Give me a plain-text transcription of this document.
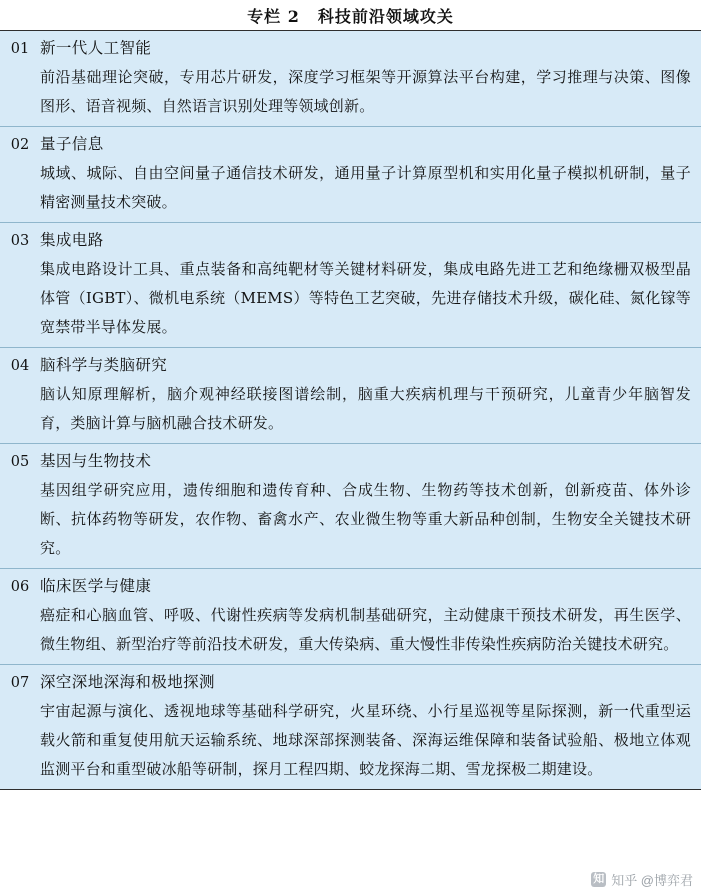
专栏 2 科技前沿领域攻关
01 新一代人工智能
前沿基础理论突破，专用芯片研发，深度学习框架等开源算法平台构建，学习推理与决策、图像图形、语音视频、自然语言识别处理等领域创新。
02 量子信息
城域、城际、自由空间量子通信技术研发，通用量子计算原型机和实用化量子模拟机研制，量子精密测量技术突破。
03 集成电路
集成电路设计工具、重点装备和高纯靶材等关键材料研发，集成电路先进工艺和绝缘栅双极型晶体管（IGBT）、微机电系统（MEMS）等特色工艺突破，先进存储技术升级，碳化硅、氮化镓等宽禁带半导体发展。
04 脑科学与类脑研究
脑认知原理解析，脑介观神经联接图谱绘制，脑重大疾病机理与干预研究，儿童青少年脑智发育，类脑计算与脑机融合技术研发。
05 基因与生物技术
基因组学研究应用，遗传细胞和遗传育种、合成生物、生物药等技术创新，创新疫苗、体外诊断、抗体药物等研发，农作物、畜禽水产、农业微生物等重大新品种创制，生物安全关键技术研究。
06 临床医学与健康
癌症和心脑血管、呼吸、代谢性疾病等发病机制基础研究，主动健康干预技术研发，再生医学、微生物组、新型治疗等前沿技术研发，重大传染病、重大慢性非传染性疾病防治关键技术研究。
07 深空深地深海和极地探测
宇宙起源与演化、透视地球等基础科学研究，火星环绕、小行星巡视等星际探测，新一代重型运载火箭和重复使用航天运输系统、地球深部探测装备、深海运维保障和装备试验船、极地立体观监测平台和重型破冰船等研制，探月工程四期、蛟龙探海二期、雪龙探极二期建设。
知 知乎 @博弈君
